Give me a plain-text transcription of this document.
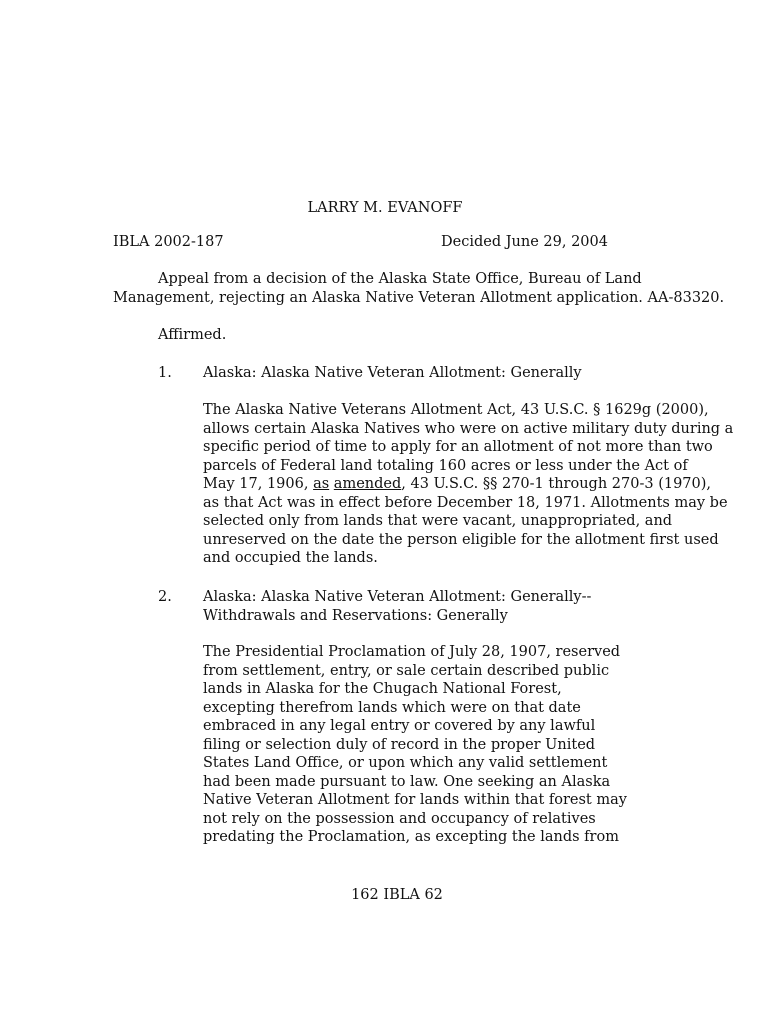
LARRY M. EVANOFF

IBLA 2002-187	Decided June 29, 2004

Appeal from a decision of the Alaska State Office, Bureau of Land
Management, rejecting an Alaska Native Veteran Allotment application. AA-83320.

Affirmed.

1. Alaska: Alaska Native Veteran Allotment: Generally

The Alaska Native Veterans Allotment Act, 43 U.S.C. § 1629g (2000),
allows certain Alaska Natives who were on active military duty during a
specific period of time to apply for an allotment of not more than two
parcels of Federal land totaling 160 acres or less under the Act of
May 17, 1906, as amended, 43 U.S.C. §§ 270-1 through 270-3 (1970),
as that Act was in effect before December 18, 1971. Allotments may be
selected only from lands that were vacant, unappropriated, and
unreserved on the date the person eligible for the allotment first used
and occupied the lands.

2. Alaska: Alaska Native Veteran Allotment: Generally--
Withdrawals and Reservations: Generally
The Presidential Proclamation of July 28, 1907, reserved
from settlement, entry, or sale certain described public
lands in Alaska for the Chugach National Forest,
excepting therefrom lands which were on that date
embraced in any legal entry or covered by any lawful
filing or selection duly of record in the proper United
States Land Office, or upon which any valid settlement
had been made pursuant to law. One seeking an Alaska
Native Veteran Allotment for lands within that forest may
not rely on the possession and occupancy of relatives
predating the Proclamation, as excepting the lands from

162 IBLA 62
